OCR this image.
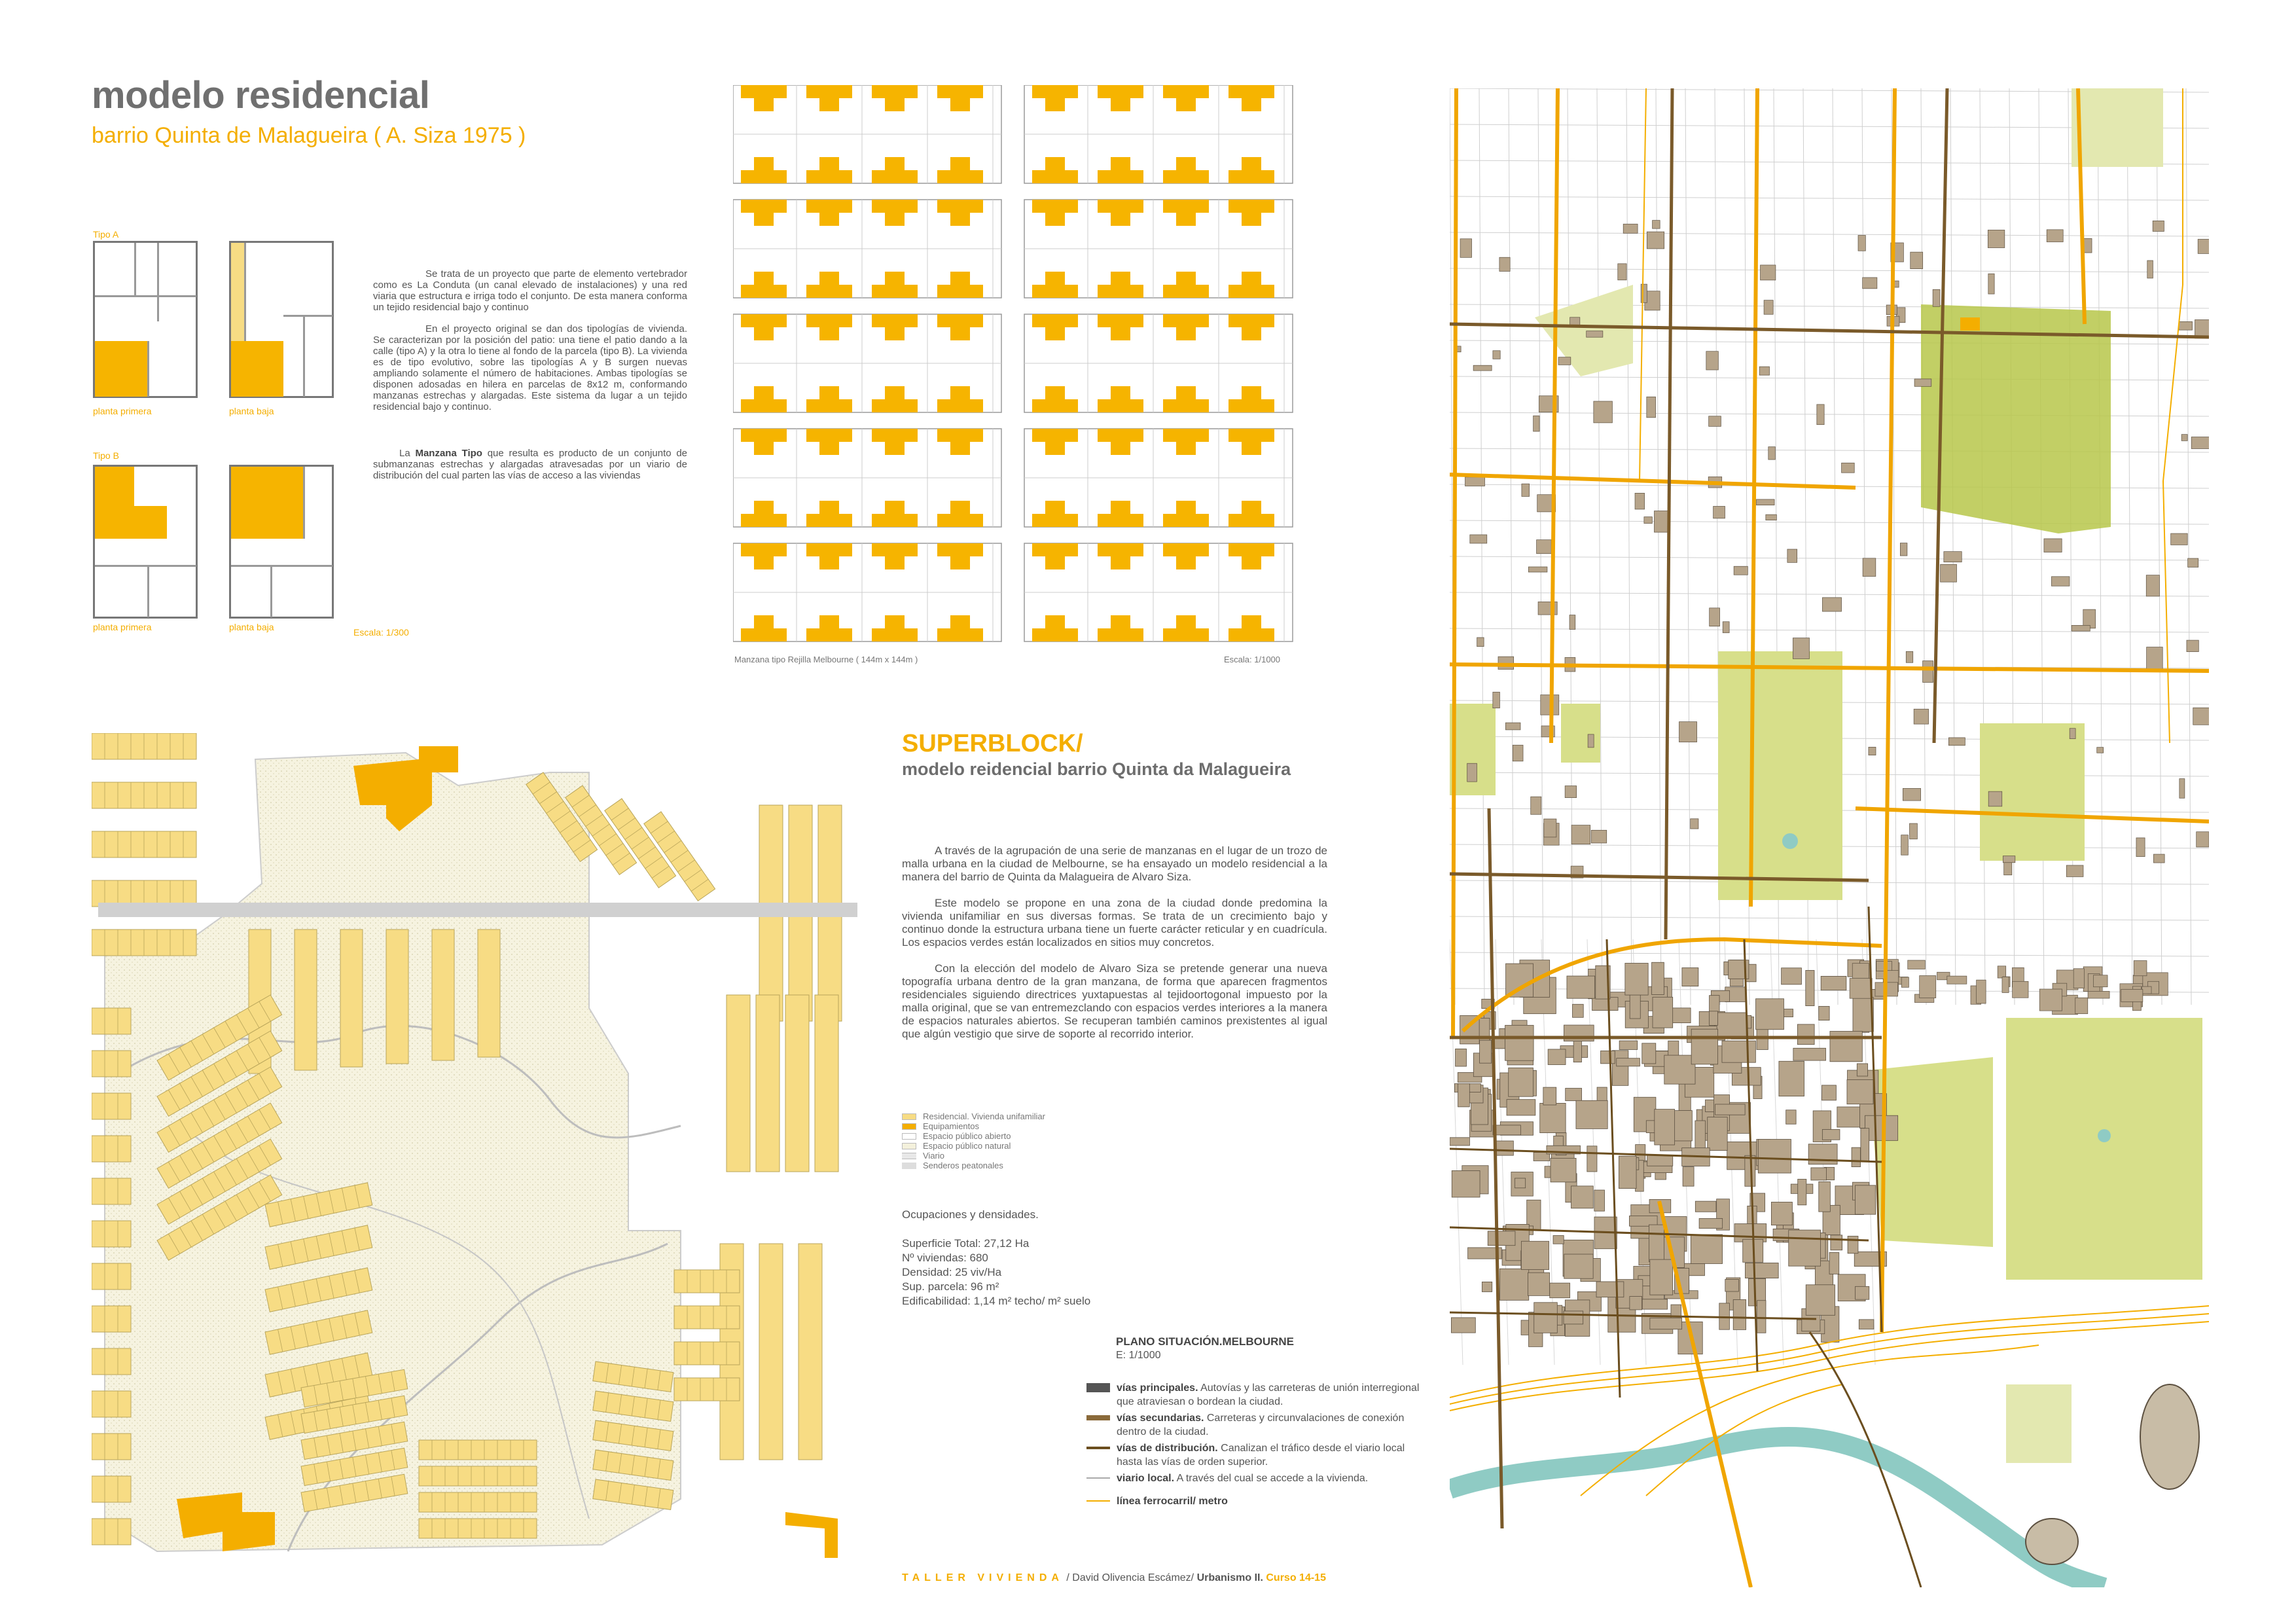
modelo residencial
barrio Quinta de Malagueira ( A. Siza 1975 )
Tipo A
planta primera	planta baja
Tipo B
planta primera	planta baja	Escala: 1/300

Se trata de un proyecto que parte de elemento vertebrador como es La Conduta (un canal elevado de instalaciones) y una red viaria que estructura e irriga todo el conjunto. De esta manera conforma un tejido residencial bajo y continuo

En el proyecto original se dan dos tipologías de vivienda. Se caracterizan por la posición del patio: una tiene el patio dando a la calle (tipo A) y la otra lo tiene al fondo de la parcela (tipo B). La vivienda es de tipo evolutivo, sobre las tipologías A y B surgen nuevas ampliando solamente el número de habitaciones. Ambas tipologías se disponen adosadas en hilera en parcelas de 8x12 m, conformando manzanas estrechas y alargadas. Este sistema da lugar a un tejido residencial bajo y continuo.

La Manzana Tipo que resulta es producto de un conjunto de submanzanas estrechas y alargadas atravesadas por un viario de distribución del cual parten las vías de acceso a las viviendas

Manzana tipo Rejilla Melbourne ( 144m x 144m )	Escala: 1/1000
SUPERBLOCK/
modelo reidencial barrio Quinta da Malagueira

A través de la agrupación de una serie de manzanas en el lugar de un trozo de malla urbana en la ciudad de Melbourne, se ha ensayado un modelo residencial a la manera del barrio de Quinta da Malagueira de Alvaro Siza.

Este modelo se propone en una zona de la ciudad donde predomina la vivienda unifamiliar en sus diversas formas. Se trata de un crecimiento bajo y continuo donde la estructura urbana tiene un fuerte carácter reticular y en cuadrícula. Los espacios verdes están localizados en sitios muy concretos.

Con la elección del modelo de Alvaro Siza se pretende generar una nueva topografía urbana dentro de la gran manzana, de forma que aparecen fragmentos residenciales siguiendo directrices yuxtapuestas al tejidoortogonal impuesto por la malla original, que se van entremezclando con espacios verdes interiores a la manera de espacios naturales abiertos. Se recuperan también caminos prexistentes al igual que algún vestigio que sirve de soporte al recorrido interior.

Residencial. Vivienda unifamiliar
Equipamientos
Espacio público abierto
Espacio público natural
Viario
Senderos peatonales
Ocupaciones y densidades.
Superficie Total: 27,12 Ha
Nº viviendas: 680
Densidad: 25 viv/Ha
Sup. parcela: 96 m²
Edificabilidad: 1,14 m² techo/ m² suelo
PLANO SITUACIÓN.MELBOURNE
E: 1/1000
vías principales. Autovías y las carreteras de unión interregional que atraviesan o bordean la ciudad.
vías secundarias. Carreteras y circunvalaciones de conexión dentro de la ciudad.
vías de distribución. Canalizan el tráfico desde el viario local hasta las vías de orden superior.
viario local. A través del cual se accede a la vivienda.
línea ferrocarril/ metro
TALLER VIVIENDA / David Olivencia Escámez/ Urbanismo II. Curso 14-15
